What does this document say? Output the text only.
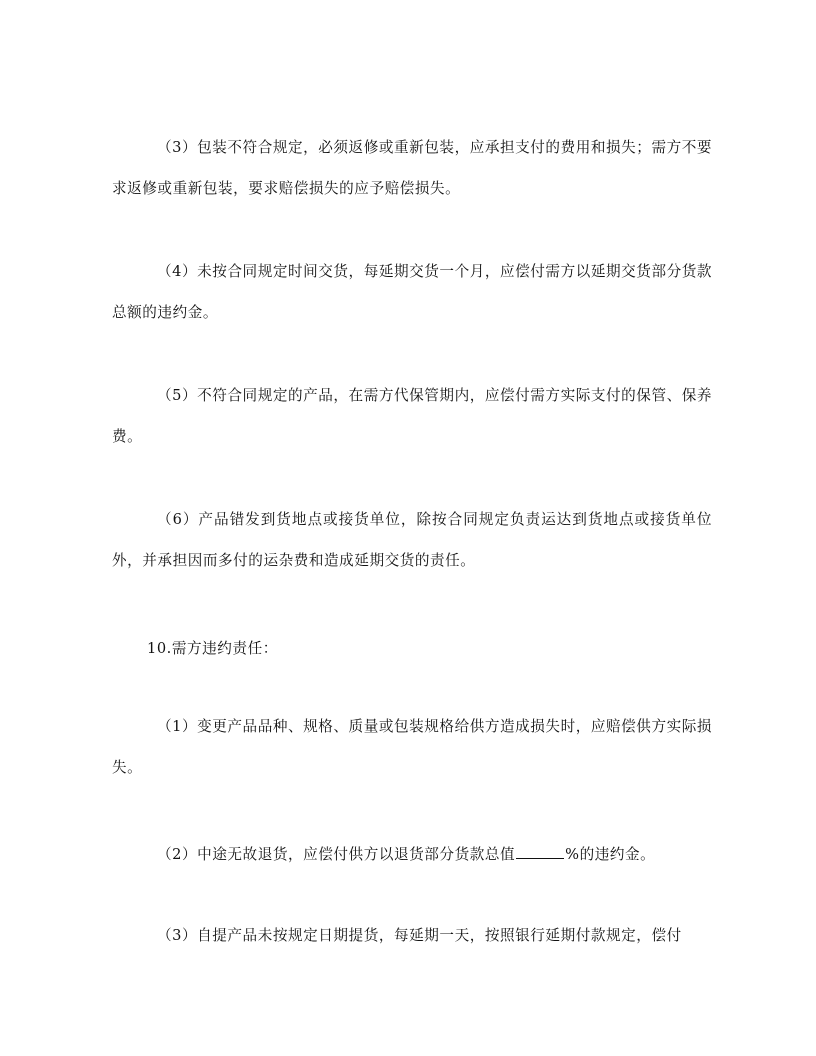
（3）包装不符合规定，必须返修或重新包装，应承担支付的费用和损失；需方不要求返修或重新包装，要求赔偿损失的应予赔偿损失。

（4）未按合同规定时间交货，每延期交货一个月，应偿付需方以延期交货部分货款总额的违约金。

（5）不符合同规定的产品，在需方代保管期内，应偿付需方实际支付的保管、保养费。

（6）产品错发到货地点或接货单位，除按合同规定负责运达到货地点或接货单位外，并承担因而多付的运杂费和造成延期交货的责任。

10.需方违约责任：

（1）变更产品品种、规格、质量或包装规格给供方造成损失时，应赔偿供方实际损失。

（2）中途无故退货，应偿付供方以退货部分货款总值	%的违约金。

（3）自提产品未按规定日期提货，每延期一天，按照银行延期付款规定，偿付
